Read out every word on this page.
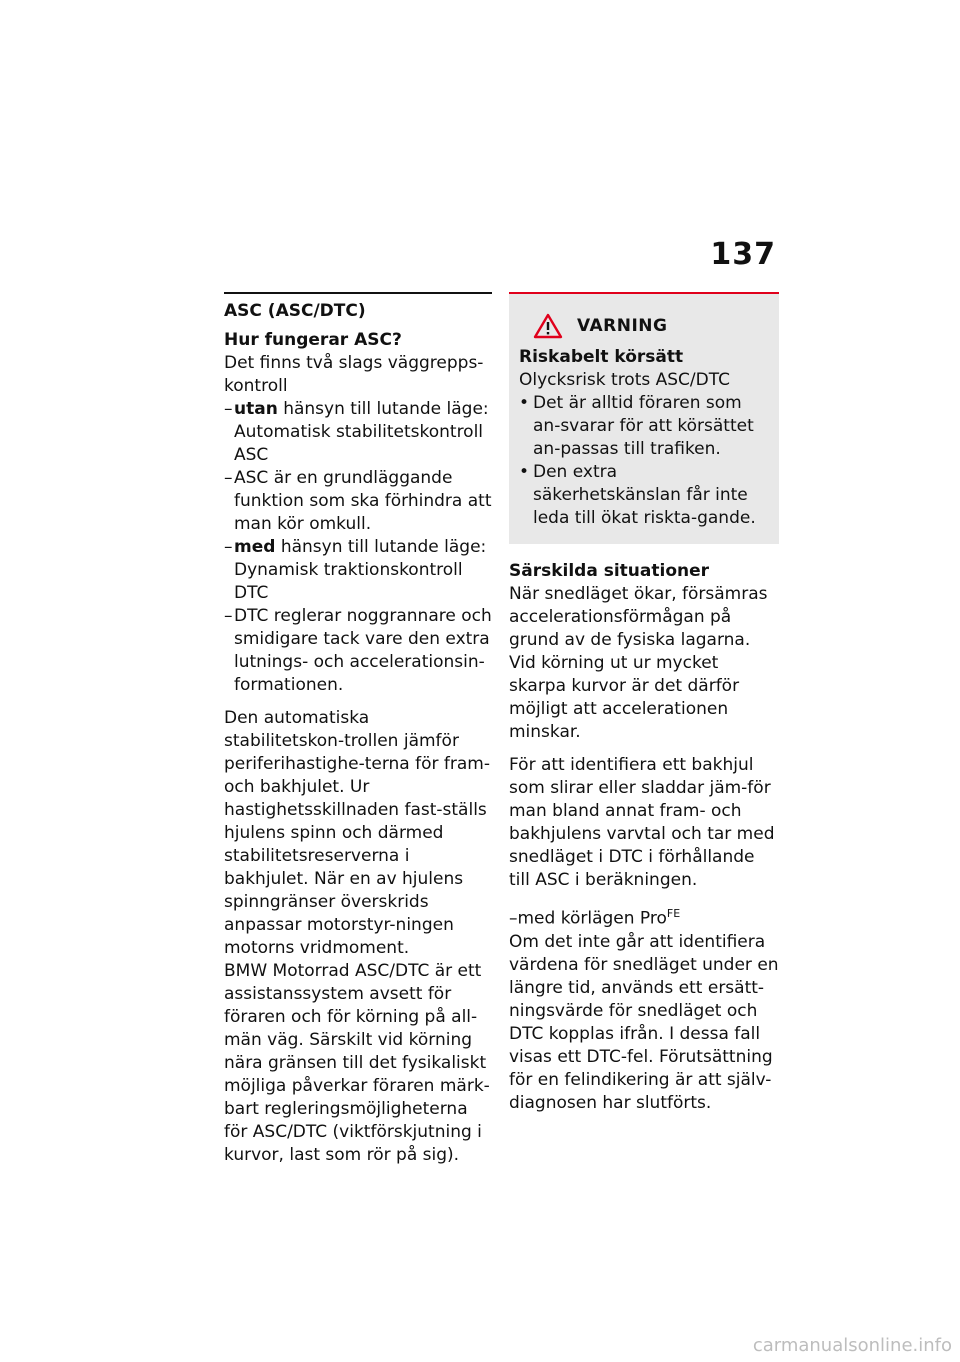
137
ASC (ASC/DTC)
Hur fungerar ASC?

Det finns två slags väggrepps-kontroll

– utan hänsyn till lutande läge: Automatisk stabilitetskontroll ASC
– ASC är en grundläggande funktion som ska förhindra att man kör omkull.
– med hänsyn till lutande läge: Dynamisk traktionskontroll DTC
– DTC reglerar noggrannare och smidigare tack vare den extra lutnings- och accelerationsin-formationen.

Den automatiska stabilitetskon-trollen jämför periferihastighe-terna för fram- och bakhjulet. Ur hastighetsskillnaden fast-ställs hjulens spinn och därmed stabilitetsreserverna i bakhjulet. När en av hjulens spinngränser överskrids anpassar motorstyr-ningen motorns vridmoment.

BMW Motorrad ASC/DTC är ett assistanssystem avsett för föraren och för körning på all-män väg. Särskilt vid körning nära gränsen till det fysikaliskt möjliga påverkar föraren märk-bart regleringsmöjligheterna för ASC/DTC (viktförskjutning i kurvor, last som rör på sig).

VARNING
Riskabelt körsätt
Olycksrisk trots ASC/DTC
• Det är alltid föraren som an-svarar för att körsättet an-passas till trafiken.
• Den extra säkerhetskänslan får inte leda till ökat riskta-gande.
Särskilda situationer

När snedläget ökar, försämras accelerationsförmågan på grund av de fysiska lagarna. Vid körning ut ur mycket skarpa kurvor är det därför möjligt att accelerationen minskar.

För att identifiera ett bakhjul som slirar eller sladdar jäm-för man bland annat fram- och bakhjulens varvtal och tar med snedläget i DTC i förhållande till ASC i beräkningen.

–med körlägen Pro$^{FE}$

Om det inte går att identifiera värdena för snedläget under en längre tid, används ett ersätt-ningsvärde för snedläget och DTC kopplas ifrån. I dessa fall visas ett DTC-fel. Förutsättning för en felindikering är att själv-diagnosen har slutförts.

carmanualsonline.info
